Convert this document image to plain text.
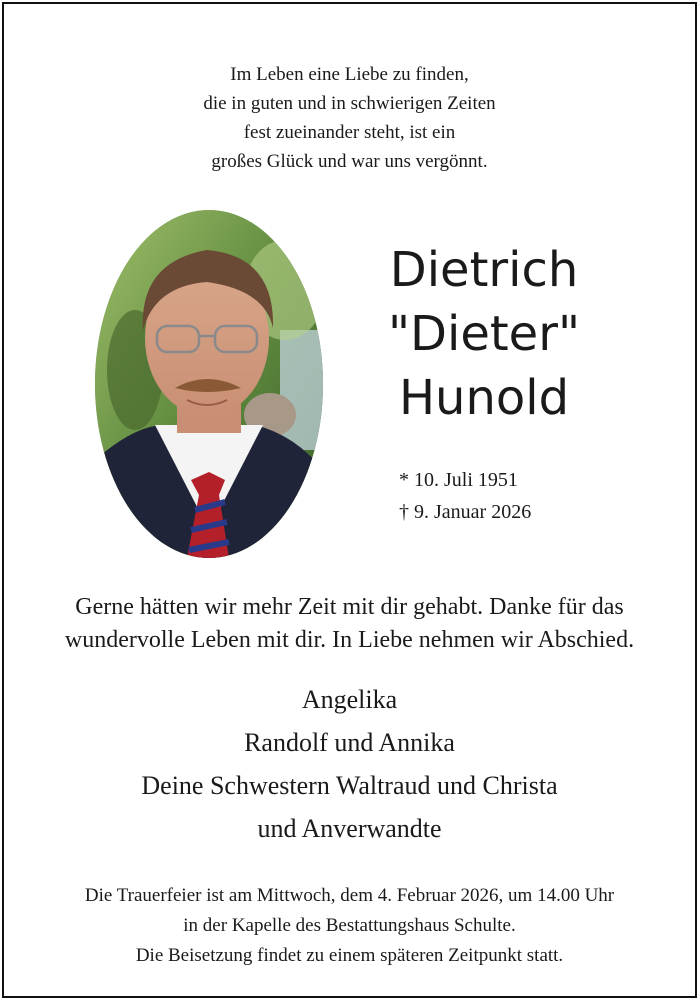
Im Leben eine Liebe zu finden,
die in guten und in schwierigen Zeiten
fest zueinander steht, ist ein
großes Glück und war uns vergönnt.
Dietrich
"Dieter"
Hunold
* 10. Juli 1951
† 9. Januar 2026
Gerne hätten wir mehr Zeit mit dir gehabt. Danke für das
wundervolle Leben mit dir. In Liebe nehmen wir Abschied.
Angelika
Randolf und Annika
Deine Schwestern Waltraud und Christa
und Anverwandte
Die Trauerfeier ist am Mittwoch, dem 4. Februar 2026, um 14.00 Uhr
in der Kapelle des Bestattungshaus Schulte.
Die Beisetzung findet zu einem späteren Zeitpunkt statt.
